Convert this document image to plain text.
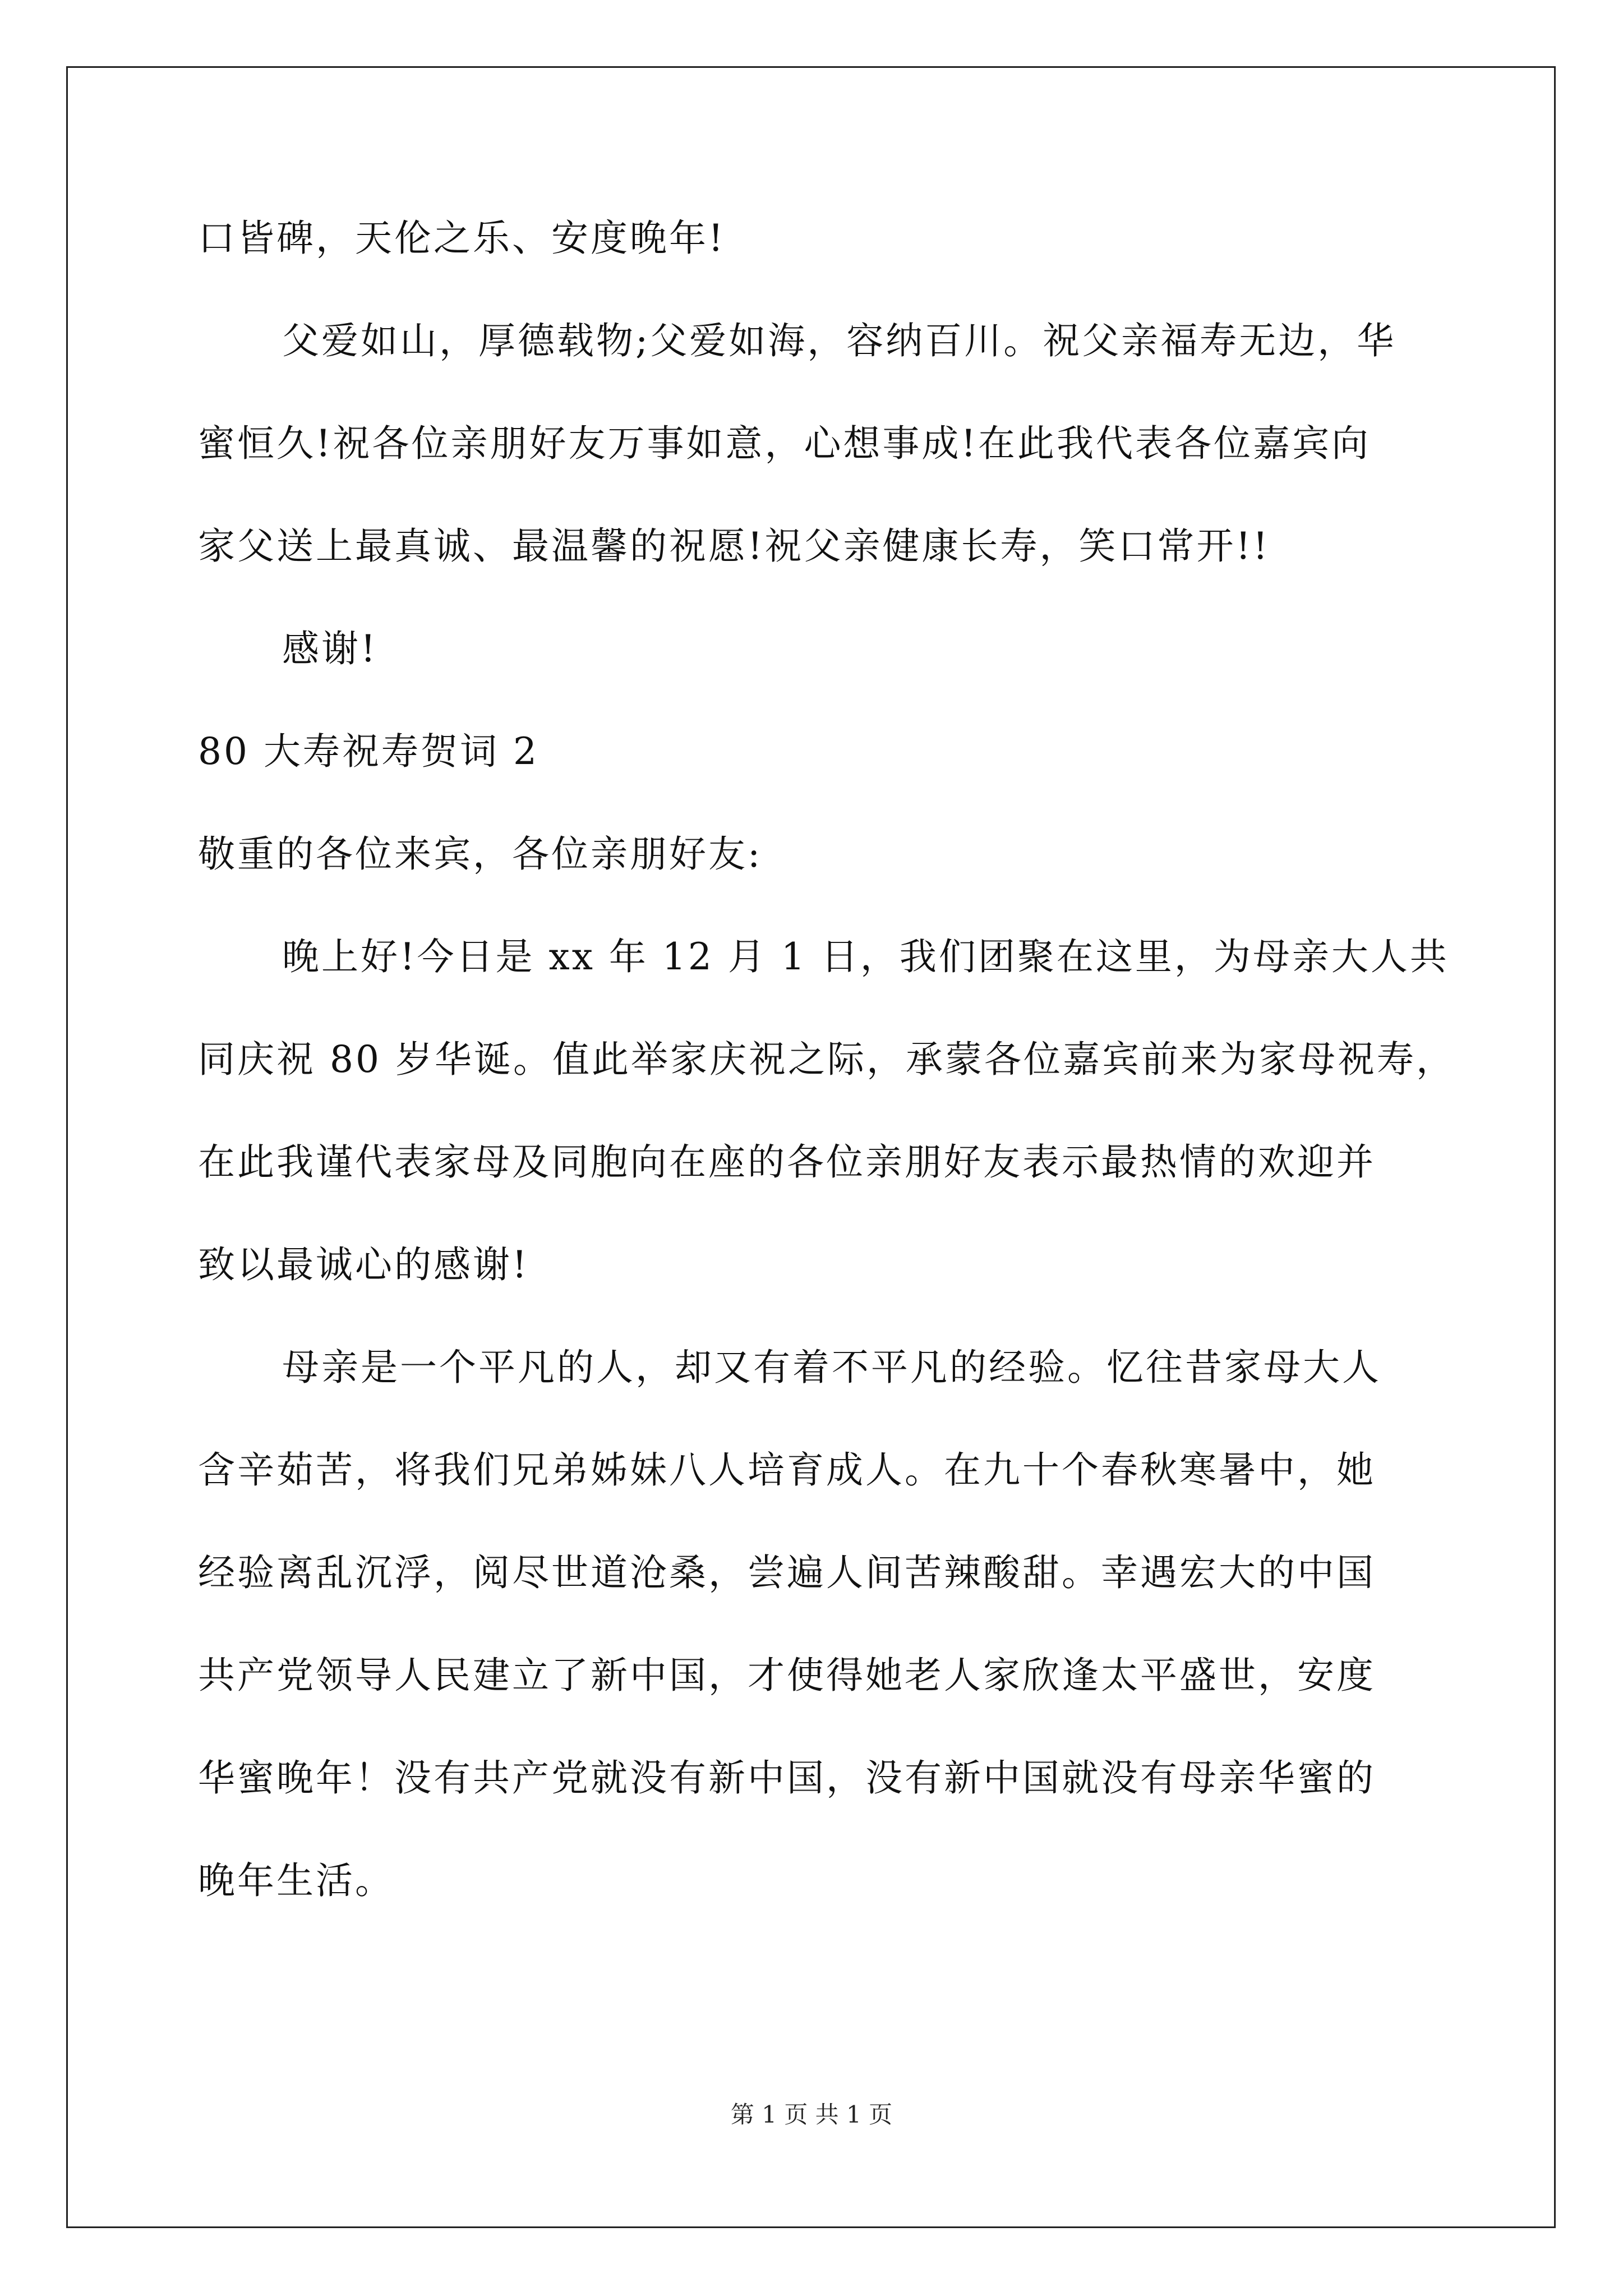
口皆碑，天伦之乐、安度晚年!
父爱如山，厚德载物;父爱如海，容纳百川。祝父亲福寿无边，华
蜜恒久!祝各位亲朋好友万事如意，心想事成!在此我代表各位嘉宾向
家父送上最真诚、最温馨的祝愿!祝父亲健康长寿，笑口常开!!
感谢!
80 大寿祝寿贺词 2
敬重的各位来宾，各位亲朋好友:
晚上好!今日是 xx 年 12 月 1 日，我们团聚在这里，为母亲大人共
同庆祝 80 岁华诞。值此举家庆祝之际，承蒙各位嘉宾前来为家母祝寿，
在此我谨代表家母及同胞向在座的各位亲朋好友表示最热情的欢迎并
致以最诚心的感谢!
母亲是一个平凡的人，却又有着不平凡的经验。忆往昔家母大人
含辛茹苦，将我们兄弟姊妹八人培育成人。在九十个春秋寒暑中，她
经验离乱沉浮，阅尽世道沧桑，尝遍人间苦辣酸甜。幸遇宏大的中国
共产党领导人民建立了新中国，才使得她老人家欣逢太平盛世，安度
华蜜晚年！没有共产党就没有新中国，没有新中国就没有母亲华蜜的
晚年生活。
第 1 页 共 1 页
